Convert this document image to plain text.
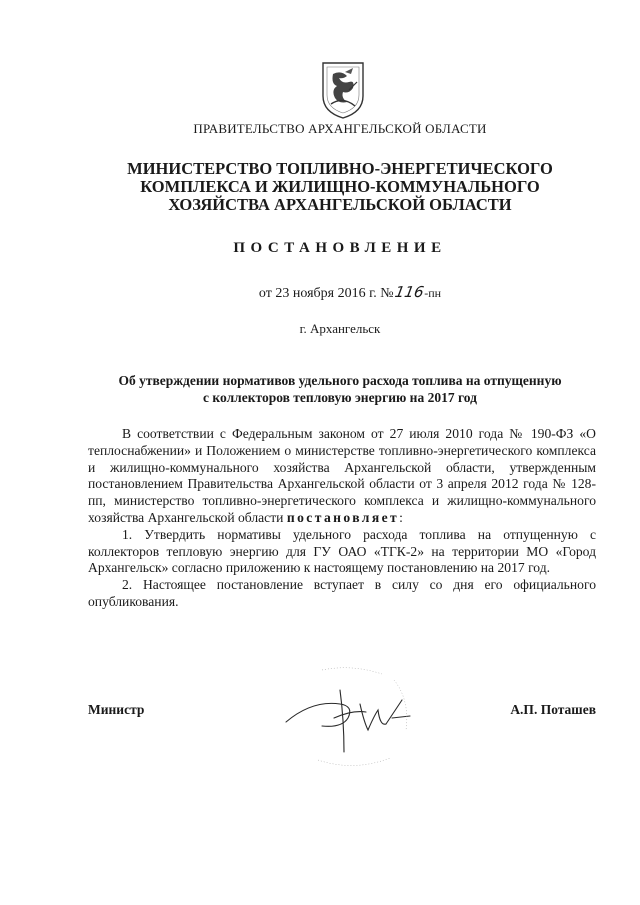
ПРАВИТЕЛЬСТВО АРХАНГЕЛЬСКОЙ ОБЛАСТИ
МИНИСТЕРСТВО ТОПЛИВНО-ЭНЕРГЕТИЧЕСКОГО
КОМПЛЕКСА И ЖИЛИЩНО-КОММУНАЛЬНОГО
ХОЗЯЙСТВА АРХАНГЕЛЬСКОЙ ОБЛАСТИ
ПОСТАНОВЛЕНИЕ
от 23 ноября 2016 г. №116-пн
г. Архангельск
Об утверждении нормативов удельного расхода топлива на отпущенную
с коллекторов тепловую энергию на 2017 год

В соответствии с Федеральным законом от 27 июля 2010 года № 190-ФЗ «О теплоснабжении» и Положением о министерстве топливно-энергетического комплекса и жилищно-коммунального хозяйства Архангельской области, утвержденным постановлением Правительства Архангельской области от 3 апреля 2012 года № 128-пп, министерство топливно-энергетического комплекса и жилищно-коммунального хозяйства Архангельской области постановляет:

1. Утвердить нормативы удельного расхода топлива на отпущенную с коллекторов тепловую энергию для ГУ ОАО «ТГК-2» на территории МО «Город Архангельск» согласно приложению к настоящему постановлению на 2017 год.

2. Настоящее постановление вступает в силу со дня его официального опубликования.

Министр	А.П. Поташев
